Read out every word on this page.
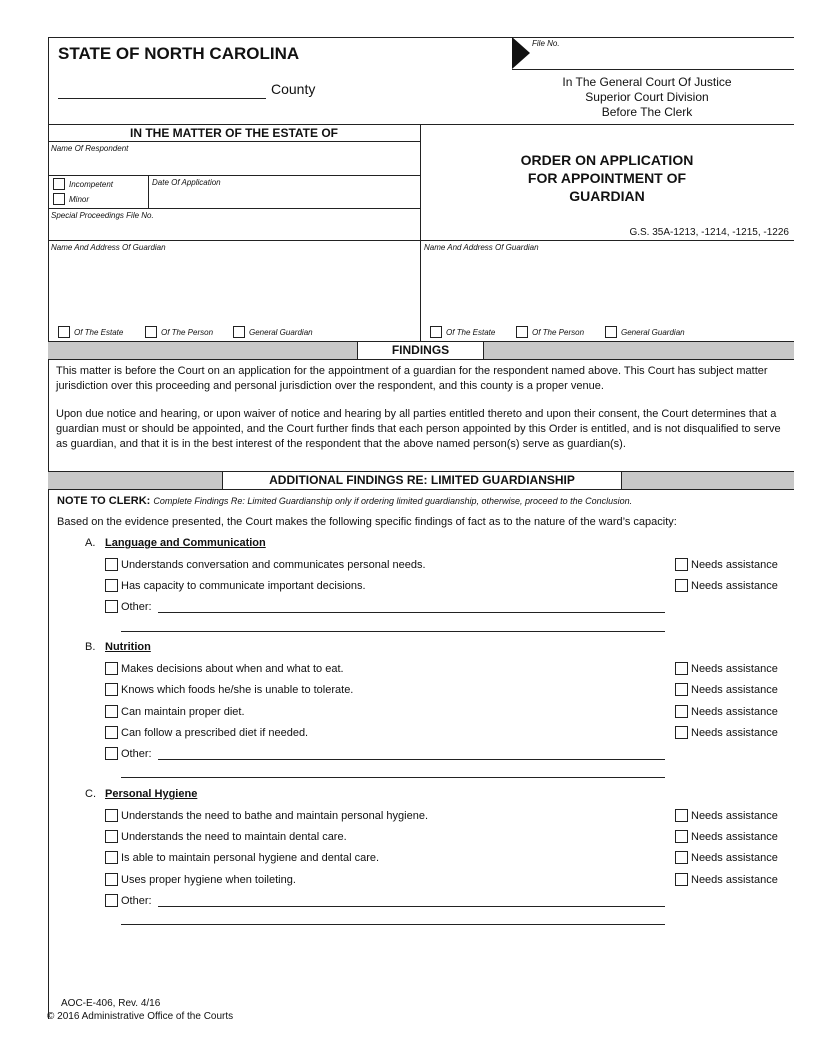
STATE OF NORTH CAROLINA
County
File No.
In The General Court Of Justice
Superior Court Division
Before The Clerk
IN THE MATTER OF THE ESTATE OF
Name Of Respondent
Incompetent
Minor
Date Of Application
Special Proceedings File No.
ORDER ON APPLICATION
FOR APPOINTMENT OF
GUARDIAN
G.S. 35A-1213, -1214, -1215, -1226
Name And Address Of Guardian	Name And Address Of Guardian
Of The Estate	Of The Person	General Guardian	Of The Estate	Of The Person	General Guardian
FINDINGS
This matter is before the Court on an application for the appointment of a guardian for the respondent named above. This Court has subject matter jurisdiction over this proceeding and personal jurisdiction over the respondent, and this county is a proper venue.
Upon due notice and hearing, or upon waiver of notice and hearing by all parties entitled thereto and upon their consent, the Court determines that a guardian must or should be appointed, and the Court further finds that each person appointed by this Order is entitled, and is not disqualified to serve as guardian, and that it is in the best interest of the respondent that the above named person(s) serve as guardian(s).
ADDITIONAL FINDINGS RE: LIMITED GUARDIANSHIP
NOTE TO CLERK: Complete Findings Re: Limited Guardianship only if ordering limited guardianship, otherwise, proceed to the Conclusion.
Based on the evidence presented, the Court makes the following specific findings of fact as to the nature of the ward’s capacity:
A. Language and Communication
Understands conversation and communicates personal needs.	Needs assistance
Has capacity to communicate important decisions.	Needs assistance
Other:
B. Nutrition
Makes decisions about when and what to eat.	Needs assistance
Knows which foods he/she is unable to tolerate.	Needs assistance
Can maintain proper diet.	Needs assistance
Can follow a prescribed diet if needed.	Needs assistance
Other:
C. Personal Hygiene
Understands the need to bathe and maintain personal hygiene.	Needs assistance
Understands the need to maintain dental care.	Needs assistance
Is able to maintain personal hygiene and dental care.	Needs assistance
Uses proper hygiene when toileting.	Needs assistance
Other:
AOC-E-406, Rev. 4/16
© 2016 Administrative Office of the Courts
